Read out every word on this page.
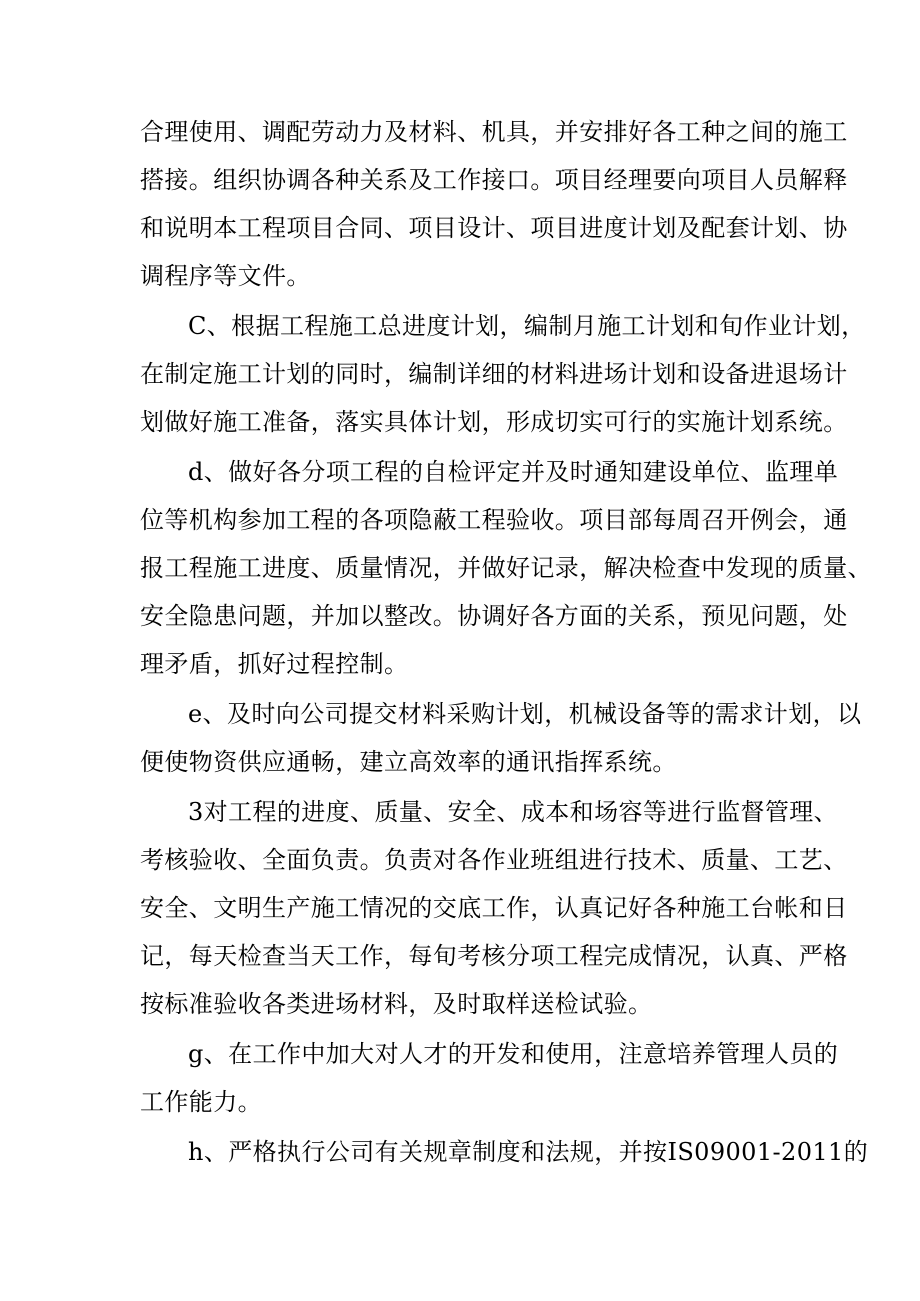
合理使用、调配劳动力及材料、机具，并安排好各工种之间的施工
搭接。组织协调各种关系及工作接口。项目经理要向项目人员解释
和说明本工程项目合同、项目设计、项目进度计划及配套计划、协
调程序等文件。
C、根据工程施工总进度计划，编制月施工计划和旬作业计划，
在制定施工计划的同时，编制详细的材料进场计划和设备进退场计
划做好施工准备，落实具体计划，形成切实可行的实施计划系统。
d、做好各分项工程的自检评定并及时通知建设单位、监理单
位等机构参加工程的各项隐蔽工程验收。项目部每周召开例会，通
报工程施工进度、质量情况，并做好记录，解决检查中发现的质量、
安全隐患问题，并加以整改。协调好各方面的关系，预见问题，处
理矛盾，抓好过程控制。
e、及时向公司提交材料采购计划，机械设备等的需求计划，以
便使物资供应通畅，建立高效率的通讯指挥系统。
3对工程的进度、质量、安全、成本和场容等进行监督管理、
考核验收、全面负责。负责对各作业班组进行技术、质量、工艺、
安全、文明生产施工情况的交底工作，认真记好各种施工台帐和日
记，每天检查当天工作，每旬考核分项工程完成情况，认真、严格
按标准验收各类进场材料，及时取样送检试验。
g、在工作中加大对人才的开发和使用，注意培养管理人员的
工作能力。
h、严格执行公司有关规章制度和法规，并按IS09001-2011的
